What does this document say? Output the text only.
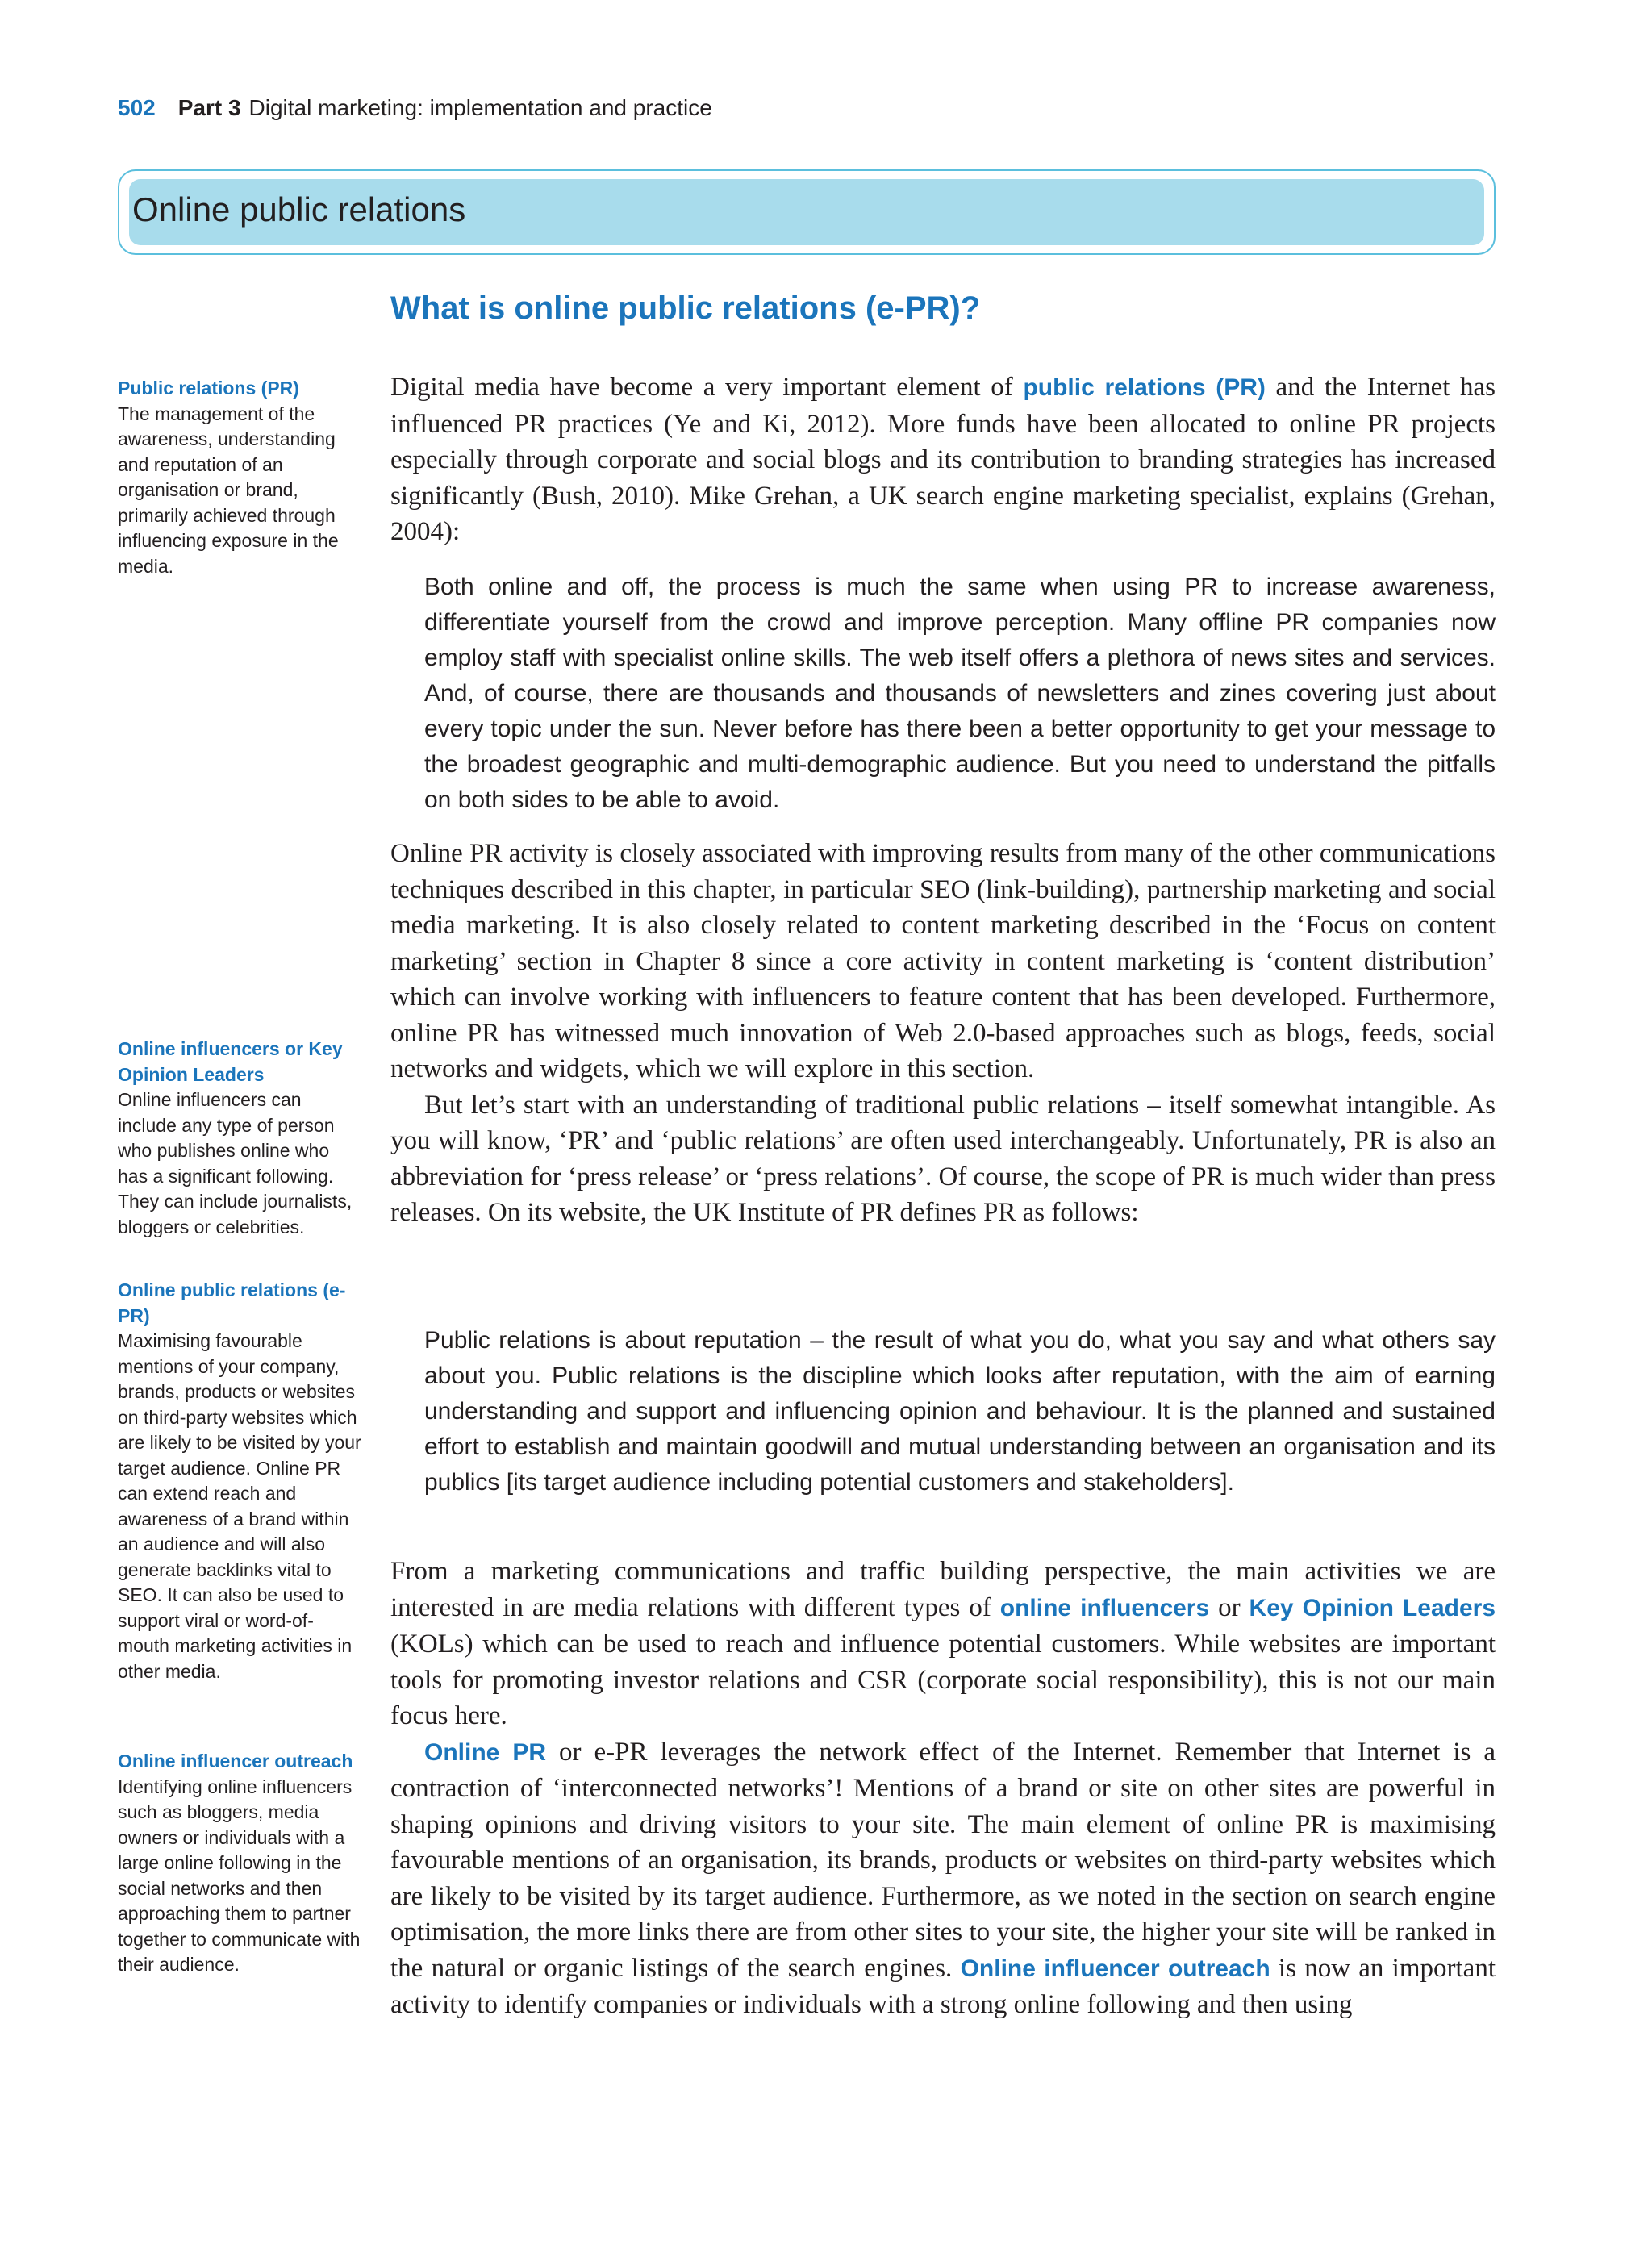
502 Part 3 Digital marketing: implementation and practice
Online public relations
What is online public relations (e-PR)?
Public relations (PR)
The management of the awareness, understanding and reputation of an organisation or brand, primarily achieved through influencing exposure in the media.
Online influencers or Key Opinion Leaders
Online influencers can include any type of person who publishes online who has a significant following. They can include journalists, bloggers or celebrities.
Online public relations (e-PR)
Maximising favourable mentions of your company, brands, products or websites on third-party websites which are likely to be visited by your target audience. Online PR can extend reach and awareness of a brand within an audience and will also generate backlinks vital to SEO. It can also be used to support viral or word-of-mouth marketing activities in other media.
Online influencer outreach
Identifying online influencers such as bloggers, media owners or individuals with a large online following in the social networks and then approaching them to partner together to communicate with their audience.

Digital media have become a very important element of public relations (PR) and the Internet has influenced PR practices (Ye and Ki, 2012). More funds have been allocated to online PR projects especially through corporate and social blogs and its contribution to branding strategies has increased significantly (Bush, 2010). Mike Grehan, a UK search engine marketing specialist, explains (Grehan, 2004):

Both online and off, the process is much the same when using PR to increase awareness, differentiate yourself from the crowd and improve perception. Many offline PR companies now employ staff with specialist online skills. The web itself offers a plethora of news sites and services. And, of course, there are thousands and thousands of newsletters and zines covering just about every topic under the sun. Never before has there been a better opportunity to get your message to the broadest geographic and multi-demographic audience. But you need to understand the pitfalls on both sides to be able to avoid.

Online PR activity is closely associated with improving results from many of the other communications techniques described in this chapter, in particular SEO (link-building), partnership marketing and social media marketing. It is also closely related to content marketing described in the ‘Focus on content marketing’ section in Chapter 8 since a core activity in content marketing is ‘content distribution’ which can involve working with influencers to feature content that has been developed. Furthermore, online PR has witnessed much innovation of Web 2.0-based approaches such as blogs, feeds, social networks and widgets, which we will explore in this section.

But let’s start with an understanding of traditional public relations – itself somewhat intangible. As you will know, ‘PR’ and ‘public relations’ are often used interchangeably. Unfortunately, PR is also an abbreviation for ‘press release’ or ‘press relations’. Of course, the scope of PR is much wider than press releases. On its website, the UK Institute of PR defines PR as follows:

Public relations is about reputation – the result of what you do, what you say and what others say about you. Public relations is the discipline which looks after reputation, with the aim of earning understanding and support and influencing opinion and behaviour. It is the planned and sustained effort to establish and maintain goodwill and mutual understanding between an organisation and its publics [its target audience including potential customers and stakeholders].

From a marketing communications and traffic building perspective, the main activities we are interested in are media relations with different types of online influencers or Key Opinion Leaders (KOLs) which can be used to reach and influence potential customers. While websites are important tools for promoting investor relations and CSR (corporate social responsibility), this is not our main focus here.

Online PR or e-PR leverages the network effect of the Internet. Remember that Internet is a contraction of ‘interconnected networks’! Mentions of a brand or site on other sites are powerful in shaping opinions and driving visitors to your site. The main element of online PR is maximising favourable mentions of an organisation, its brands, products or websites on third-party websites which are likely to be visited by its target audience. Furthermore, as we noted in the section on search engine optimisation, the more links there are from other sites to your site, the higher your site will be ranked in the natural or organic listings of the search engines. Online influencer outreach is now an important activity to identify companies or individuals with a strong online following and then using
